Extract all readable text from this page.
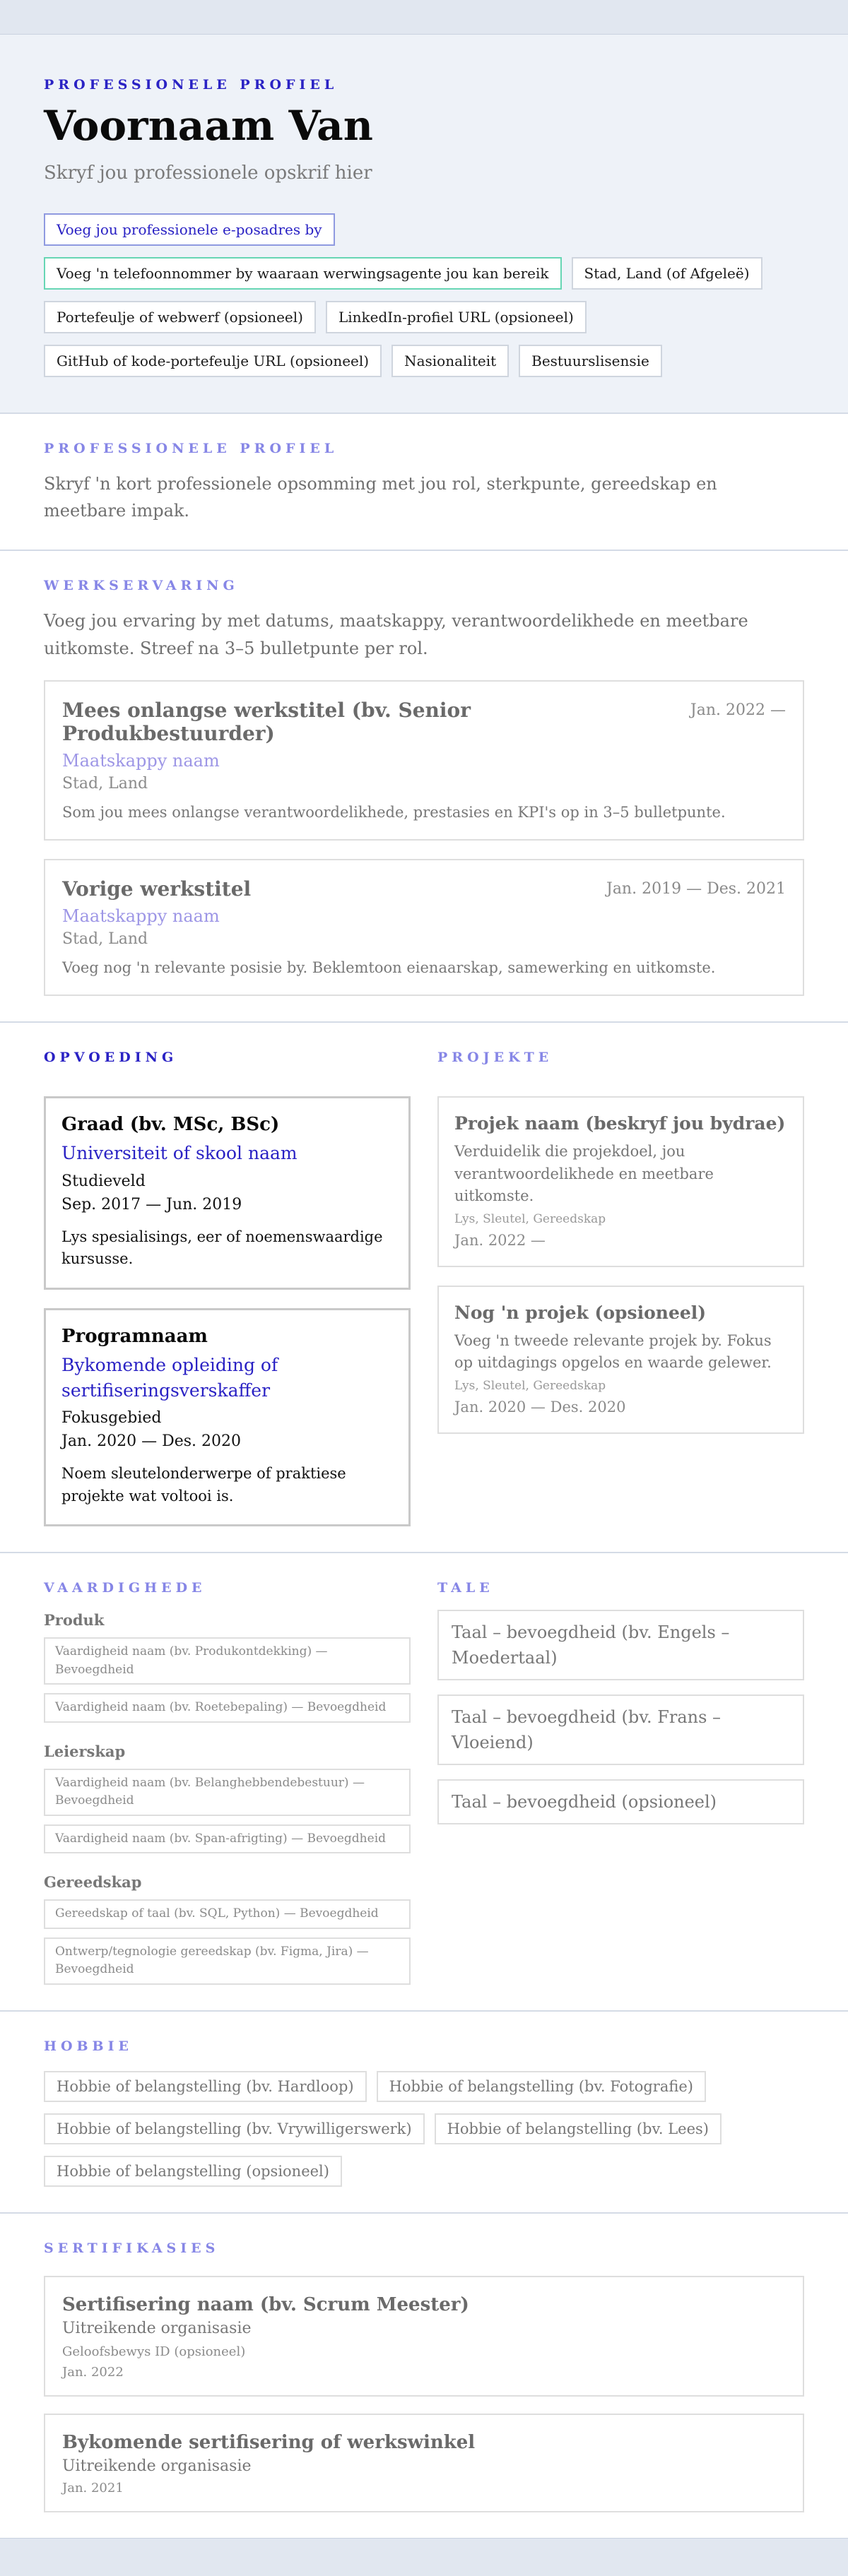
PROFESSIONELE PROFIEL
Voornaam Van
Skryf jou professionele opskrif hier
Voeg jou professionele e-posadres by
Voeg 'n telefoonnommer by waaraan werwingsagente jou kan bereik	Stad, Land (of Afgeleë)
Portefeulje of webwerf (opsioneel)	LinkedIn-profiel URL (opsioneel)
GitHub of kode-portefeulje URL (opsioneel)	Nasionaliteit	Bestuurslisensie
PROFESSIONELE PROFIEL
Skryf 'n kort professionele opsomming met jou rol, sterkpunte, gereedskap en meetbare impak.
WERKSERVARING
Voeg jou ervaring by met datums, maatskappy, verantwoordelikhede en meetbare uitkomste. Streef na 3–5 bulletpunte per rol.
Mees onlangse werkstitel (bv. Senior Produkbestuurder)
Jan. 2022 —
Maatskappy naam
Stad, Land
Som jou mees onlangse verantwoordelikhede, prestasies en KPI's op in 3–5 bulletpunte.
Vorige werkstitel	Jan. 2019 — Des. 2021
Maatskappy naam
Stad, Land
Voeg nog 'n relevante posisie by. Beklemtoon eienaarskap, samewerking en uitkomste.
OPVOEDING
Graad (bv. MSc, BSc)
Universiteit of skool naam
Studieveld
Sep. 2017 — Jun. 2019
Lys spesialisings, eer of noemenswaardige kursusse.
Programnaam
Bykomende opleiding of sertifiseringsverskaffer
Fokusgebied
Jan. 2020 — Des. 2020
Noem sleutelonderwerpe of praktiese projekte wat voltooi is.
PROJEKTE
Projek naam (beskryf jou bydrae)
Verduidelik die projekdoel, jou verantwoordelikhede en meetbare uitkomste.
Lys, Sleutel, Gereedskap
Jan. 2022 —
Nog 'n projek (opsioneel)
Voeg 'n tweede relevante projek by. Fokus op uitdagings opgelos en waarde gelewer.
Lys, Sleutel, Gereedskap
Jan. 2020 — Des. 2020
VAARDIGHEDE
Produk
Vaardigheid naam (bv. Produkontdekking) — Bevoegdheid
Vaardigheid naam (bv. Roetebepaling) — Bevoegdheid
Leierskap
Vaardigheid naam (bv. Belanghebbendebestuur) — Bevoegdheid
Vaardigheid naam (bv. Span-afrigting) — Bevoegdheid
Gereedskap
Gereedskap of taal (bv. SQL, Python) — Bevoegdheid
Ontwerp/tegnologie gereedskap (bv. Figma, Jira) — Bevoegdheid
TALE
Taal – bevoegdheid (bv. Engels – Moedertaal)
Taal – bevoegdheid (bv. Frans – Vloeiend)
Taal – bevoegdheid (opsioneel)
HOBBIE
Hobbie of belangstelling (bv. Hardloop)	Hobbie of belangstelling (bv. Fotografie)
Hobbie of belangstelling (bv. Vrywilligerswerk)	Hobbie of belangstelling (bv. Lees)
Hobbie of belangstelling (opsioneel)
SERTIFIKASIES
Sertifisering naam (bv. Scrum Meester)
Uitreikende organisasie
Geloofsbewys ID (opsioneel)
Jan. 2022
Bykomende sertifisering of werkswinkel
Uitreikende organisasie
Jan. 2021
